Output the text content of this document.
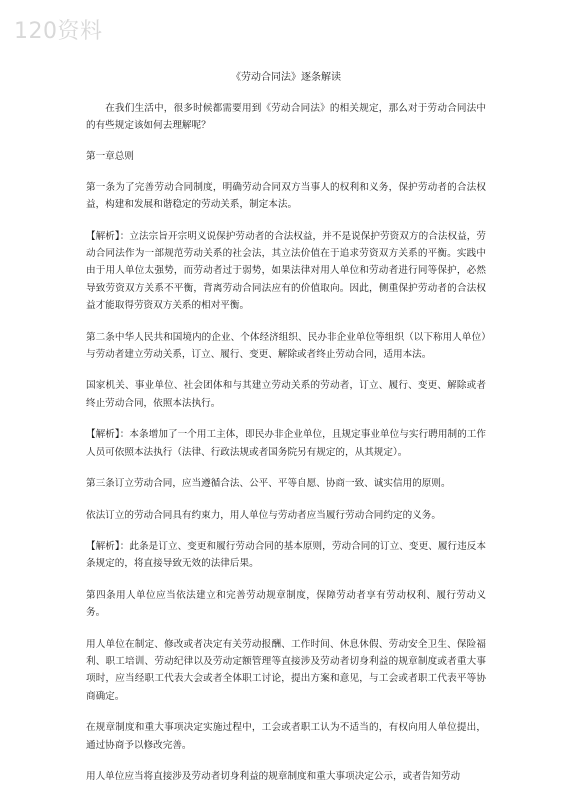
120资料
《劳动合同法》逐条解读

在我们生活中，很多时候都需要用到《劳动合同法》的相关规定，那么对于劳动合同法中的有些规定该如何去理解呢？

第一章总则

第一条为了完善劳动合同制度，明确劳动合同双方当事人的权利和义务，保护劳动者的合法权益，构建和发展和谐稳定的劳动关系，制定本法。

【解析】：立法宗旨开宗明义说保护劳动者的合法权益，并不是说保护劳资双方的合法权益，劳动合同法作为一部规范劳动关系的社会法，其立法价值在于追求劳资双方关系的平衡。实践中由于用人单位太强势，而劳动者过于弱势，如果法律对用人单位和劳动者进行同等保护，必然导致劳资双方关系不平衡，背离劳动合同法应有的价值取向。因此，侧重保护劳动者的合法权益才能取得劳资双方关系的相对平衡。

第二条中华人民共和国境内的企业、个体经济组织、民办非企业单位等组织（以下称用人单位）与劳动者建立劳动关系，订立、履行、变更、解除或者终止劳动合同，适用本法。

国家机关、事业单位、社会团体和与其建立劳动关系的劳动者，订立、履行、变更、解除或者终止劳动合同，依照本法执行。

【解析】：本条增加了一个用工主体，即民办非企业单位，且规定事业单位与实行聘用制的工作人员可依照本法执行（法律、行政法规或者国务院另有规定的，从其规定）。

第三条订立劳动合同，应当遵循合法、公平、平等自愿、协商一致、诚实信用的原则。

依法订立的劳动合同具有约束力，用人单位与劳动者应当履行劳动合同约定的义务。

【解析】：此条是订立、变更和履行劳动合同的基本原则，劳动合同的订立、变更、履行违反本条规定的，将直接导致无效的法律后果。

第四条用人单位应当依法建立和完善劳动规章制度，保障劳动者享有劳动权利、履行劳动义务。

用人单位在制定、修改或者决定有关劳动报酬、工作时间、休息休假、劳动安全卫生、保险福利、职工培训、劳动纪律以及劳动定额管理等直接涉及劳动者切身利益的规章制度或者重大事项时，应当经职工代表大会或者全体职工讨论，提出方案和意见，与工会或者职工代表平等协商确定。

在规章制度和重大事项决定实施过程中，工会或者职工认为不适当的，有权向用人单位提出，通过协商予以修改完善。

用人单位应当将直接涉及劳动者切身利益的规章制度和重大事项决定公示，或者告知劳动
